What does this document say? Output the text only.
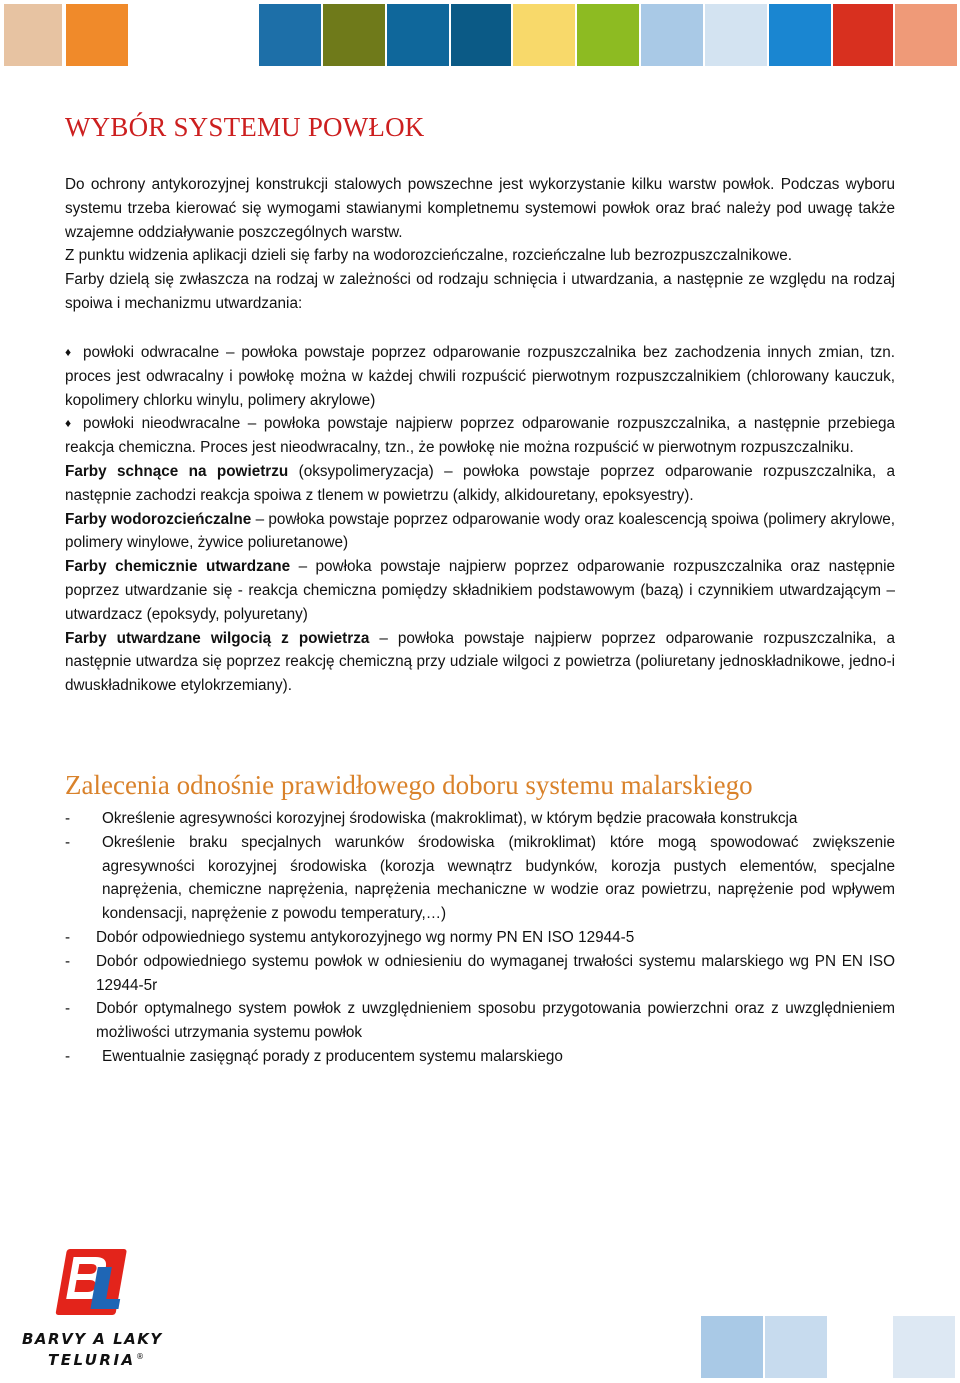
WYBÓR SYSTEMU POWŁOK

Do ochrony antykorozyjnej konstrukcji stalowych powszechne jest wykorzystanie kilku warstw powłok. Podczas wyboru systemu trzeba kierować się wymogami stawianymi kompletnemu systemowi powłok oraz brać należy pod uwagę także wzajemne oddziaływanie poszczególnych warstw.

Z punktu widzenia aplikacji dzieli się farby na wodorozcieńczalne, rozcieńczalne lub bezrozpuszczalnikowe.

Farby dzielą się zwłaszcza na rodzaj w zależności od rodzaju schnięcia i utwardzania, a następnie ze względu na rodzaj spoiwa i mechanizmu utwardzania:

♦ powłoki odwracalne – powłoka powstaje poprzez odparowanie rozpuszczalnika bez zachodzenia innych zmian, tzn. proces jest odwracalny i powłokę można w każdej chwili rozpuścić pierwotnym rozpuszczalnikiem (chlorowany kauczuk, kopolimery chlorku winylu, polimery akrylowe)

♦ powłoki nieodwracalne – powłoka powstaje najpierw poprzez odparowanie rozpuszczalnika, a następnie przebiega reakcja chemiczna. Proces jest nieodwracalny, tzn., że powłokę nie można rozpuścić w pierwotnym rozpuszczalniku.

Farby schnące na powietrzu (oksypolimeryzacja) – powłoka powstaje poprzez odparowanie rozpuszczalnika, a następnie zachodzi reakcja spoiwa z tlenem w powietrzu (alkidy, alkidouretany, epoksyestry).

Farby wodorozcieńczalne – powłoka powstaje poprzez odparowanie wody oraz koalescencją spoiwa (polimery akrylowe, polimery winylowe, żywice poliuretanowe)

Farby chemicznie utwardzane – powłoka powstaje najpierw poprzez odparowanie rozpuszczalnika oraz następnie poprzez utwardzanie się - reakcja chemiczna pomiędzy składnikiem podstawowym (bazą) i czynnikiem utwardzającym – utwardzacz (epoksydy, polyuretany)

Farby utwardzane wilgocią z powietrza – powłoka powstaje najpierw poprzez odparowanie rozpuszczalnika, a następnie utwardza się poprzez reakcję chemiczną przy udziale wilgoci z powietrza (poliuretany jednoskładnikowe, jedno-i dwuskładnikowe etylokrzemiany).

Zalecenia odnośnie prawidłowego doboru systemu malarskiego
- Określenie agresywności korozyjnej środowiska (makroklimat), w którym będzie pracowała konstrukcja
- Określenie braku specjalnych warunków środowiska (mikroklimat) które mogą spowodować zwiększenie agresywności korozyjnej środowiska (korozja wewnątrz budynków, korozja pustych elementów, specjalne naprężenia, chemiczne naprężenia, naprężenia mechaniczne w wodzie oraz powietrzu, naprężenie pod wpływem kondensacji, naprężenie z powodu temperatury,…)
- Dobór odpowiedniego systemu antykorozyjnego wg normy PN EN ISO 12944-5
- Dobór odpowiedniego systemu powłok w odniesieniu do wymaganej trwałości systemu malarskiego wg PN EN ISO 12944-5r
- Dobór optymalnego system powłok z uwzględnieniem sposobu przygotowania powierzchni oraz z uwzględnieniem możliwości utrzymania systemu powłok
- Ewentualnie zasięgnąć porady z producentem systemu malarskiego
BARVY A LAKY
TELURIA ®
